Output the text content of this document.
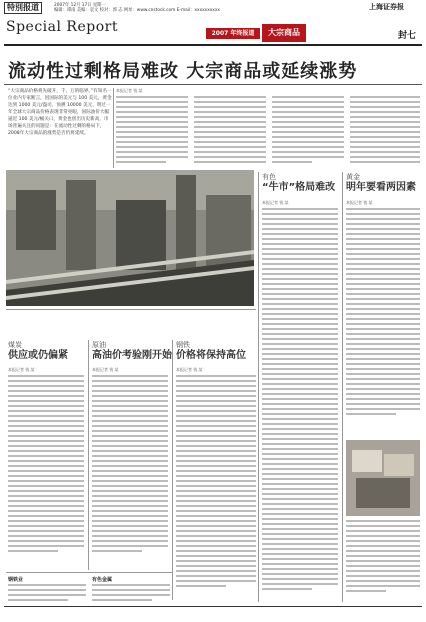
特別报道	2007年 12月 17日 星期一
编辑：谭南 美编：袁文 校对：郭 志 网址：www.cnstock.com E-mail：xxxxxxxxxx	上海证券报
Special Report	2007 年终报道	大宗商品	封七
流动性过剩格局难改 大宗商品或延续涨势
“大宗商品价格将先破开，千、万的临界。”有知名一位业内专家断言，因国际的美元与 100 美元，黄金达到 1000 美元/盎司，预测 10000 美元，明过一年全球大宗商品价格表现非常亮眼，国际油价大幅逼近 100 美元/桶关口，黄金也创出历史新高，市场普遍关注的问题是：在流动性过剩的格局下，2008年大宗商品的涨势是否仍将延续。
本报记者 钱 某
有色
“牛市”格局难改
本报记者 钱 某
黄金
明年要看两因素
本报记者 钱 某
煤炭
供应或仍偏紧
本报记者 钱 某
原油
高油价考验刚开始
本报记者 钱 某
钢铁
价格将保持高位
本报记者 钱 某
钢铁业	有色金属
